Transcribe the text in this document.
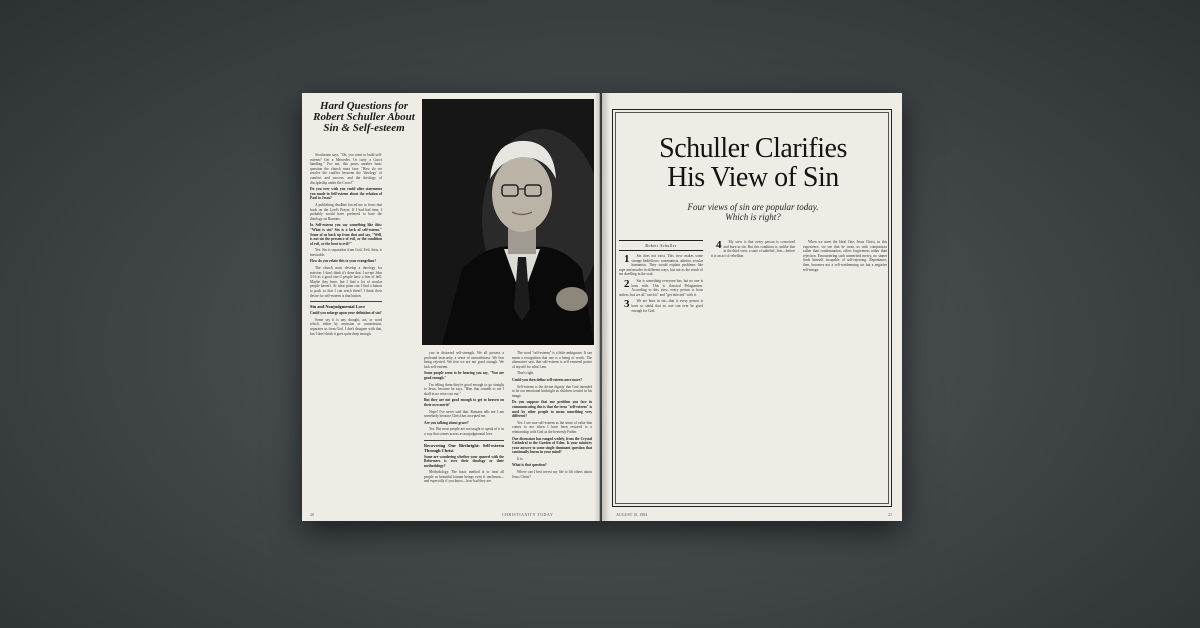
Hard Questions for Robert Schuller About Sin & Self-esteem

Secularism says, "Oh, you want to build self-esteem? Get a Mercedes. Or carry a Gucci handbag." For me, this poses another basic question the church must face: "How do we resolve the conflict between the 'theology' of comfort and success, and the theology of discipleship under the Cross?"

Do you ever wish you could alter statements you made in Self-esteem about the relation of Paul to Jesus?

A publishing deadline forced me to focus that book on the Lord's Prayer. If I had had time, I probably would have preferred to base the theology on Romans.

In Self-esteem you say something like this: "What is sin? Sin is a lack of self-esteem." Some of us back up from that and say, "Well, is not sin the presence of evil, or the condition of evil, or the bent to evil?"

Yes. Sin is separation from God. Evil, then, is inevitable.

How do you relate this to your evangelism?

The church must develop a theology for mission. I don't think it's done that. I accept John 3:16 as a good one if people have a fear of hell. Maybe they have, but I find a lot of secular people haven't. At what point can I find a button to push so that I can reach them? I think their desire for self-esteem is that button.

Sin and Nonjudgmental Love

Could you enlarge upon your definition of sin?

Some say it is any thought, act, or word which, either by omission or commission, separates us from God. I don't disagree with that, but I don't think it goes quite deep enough.

you in distorted self-strength. We all possess a profound insecurity, a sense of unworthiness. We fear being rejected. We fear we are not good enough. We lack self-esteem.

Some people seem to be hearing you say, "You are good enough."

I'm telling them they're good enough to go straight to Jesus, because he says, "Him that cometh to me I shall in no wise cast out."

But they are not good enough to get to heaven on their own merit?

Nope! I've never said that. Romans tells me I am somebody because Christ has accepted me.

Are you talking about grace?

Yes. But most people are not taught to speak of it in a way that comes across as nonjudgmental love.

Recovering Our Birthright: Self-esteem Through Christ

Some are wondering whether your quarrel with the Reformers is over their theology or their methodology?

Methodology. The basic method is to treat all people as beautiful human beings even if unchosen—and especially if you know—how bad they are.

The word "self-esteem" is a little ambiguous. It can mean a recognition that one is a being of worth. The alternative says that self-esteem is self-centered praise of myself for what I am.

That's right.

Could you then define self-esteem once more?

Self-esteem is the divine dignity that God intended to be our emotional birthright as children created in his image.

Do you suppose that one problem you face in communicating this is that the term "self-esteem" is used by other people to mean something very different?

Yes. I see true self-esteem as the sense of value that comes to me when I have been restored to a relationship with God as the heavenly Father.

Our discussion has ranged widely, from the Crystal Cathedral to the Garden of Eden. Is your ministry your answer to some single dominant question that continually burns in your mind?

It is.

What is that question?

Where can I best invest my life to lift others about Jesus Christ?

20	CHRISTIANITY TODAY
Schuller Clarifies
His View of Sin
Four views of sin are popular today.
Which is right?
Robert Schuller

1 Sin does not exist. This view makes some strange bedfellows: communists, atheists, secular humanists. They would explain problems like rape and murder in different ways, but not as the result of sin dwelling in the soul.

2 Sin is something everyone has, but no one is born with. This is classical Pelagianism. According to this view, every person is born sinless, but we all "catch it" and "get infected" with it.

3 We are born in sin—that is every person is born so sinful that no one can ever be good enough for God.

4 My view is that every person is conceived and born in sin. But this condition is, unlike that in the third view, a state of unbelief, first—before it is an act of rebellion.

When we meet the Ideal One, Jesus Christ, in this experience, we see that he treats us with compassion rather than condemnation, offers forgiveness rather than rejection. Encountering such unmerited mercy, no sinner finds himself incapable of self-rejecting. Repentance, then, becomes not a self-condemning act but a negative self-image.

AUGUST 10, 1984	21
